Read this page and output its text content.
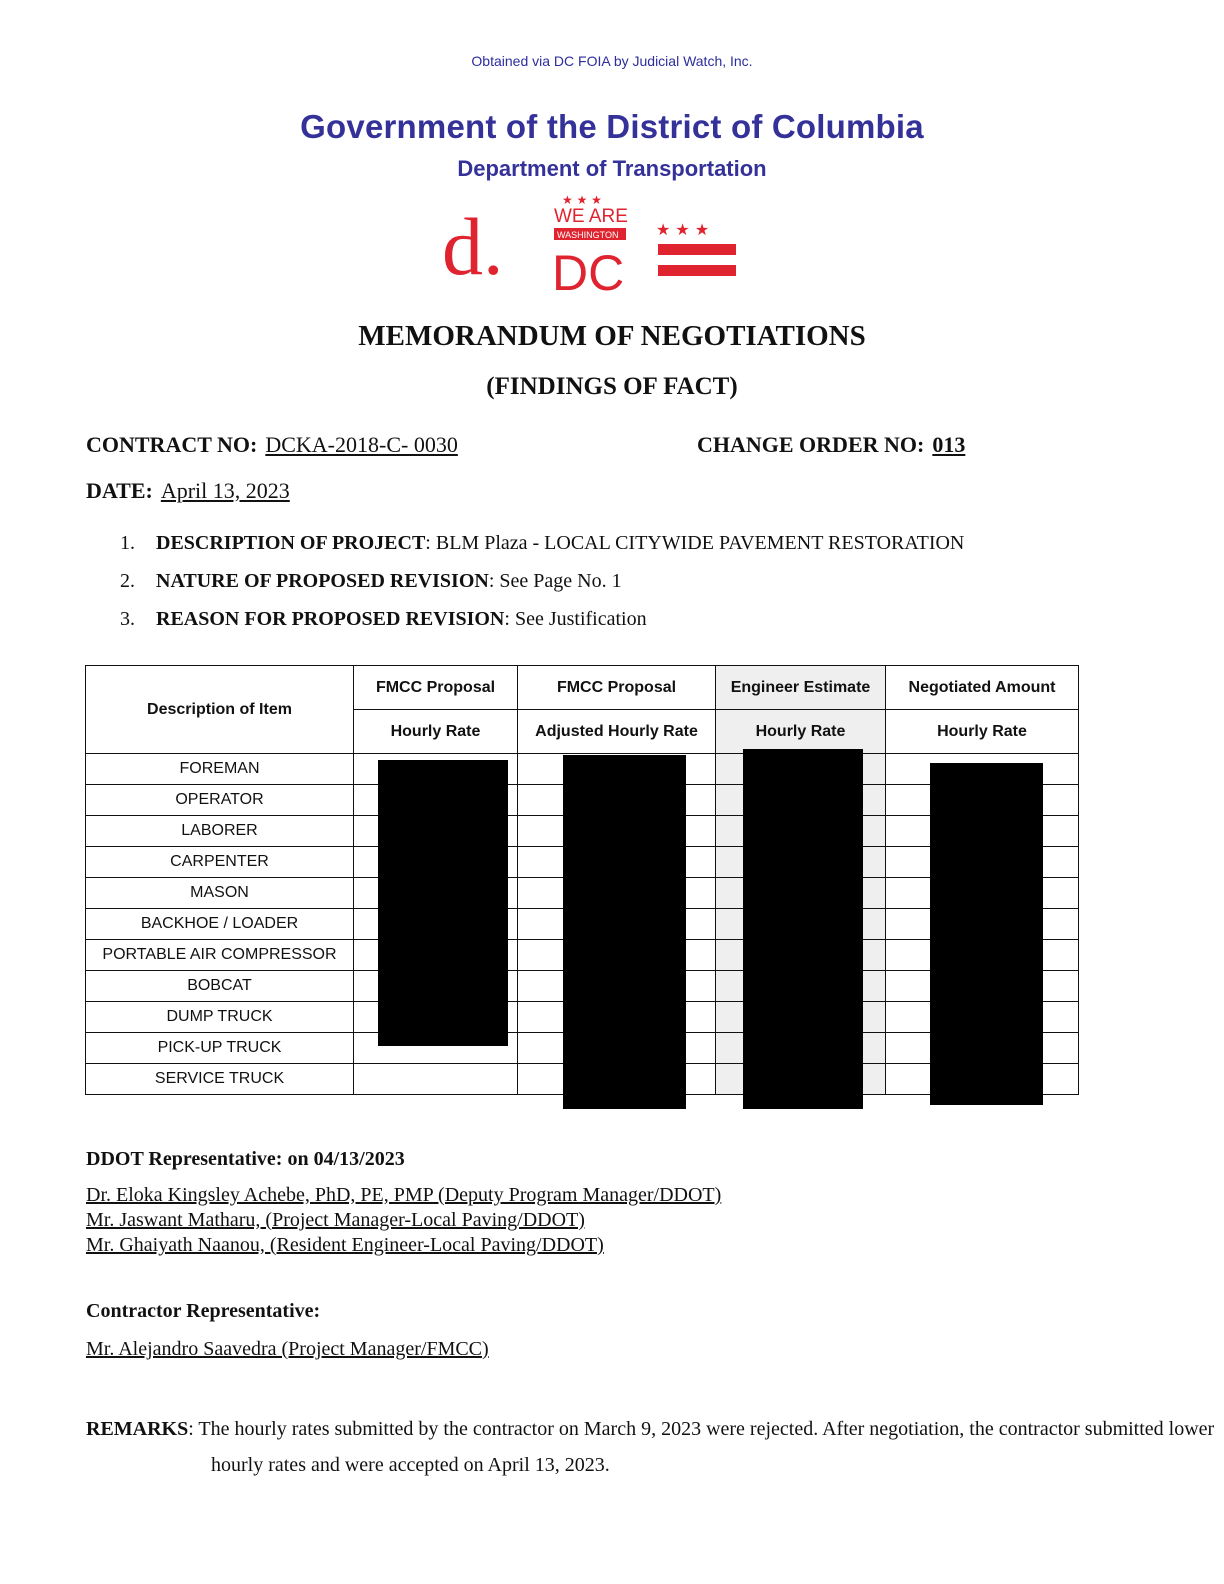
Obtained via DC FOIA by Judicial Watch, Inc.
Government of the District of Columbia
Department of Transportation
d.
★ ★ ★
WE ARE
WASHINGTON
DC
★ ★ ★
MEMORANDUM OF NEGOTIATIONS
(FINDINGS OF FACT)
CONTRACT NO: DCKA-2018-C- 0030	CHANGE ORDER NO: 013
DATE: April 13, 2023
1. DESCRIPTION OF PROJECT: BLM Plaza - LOCAL CITYWIDE PAVEMENT RESTORATION
2. NATURE OF PROPOSED REVISION: See Page No. 1
3. REASON FOR PROPOSED REVISION: See Justification
Description of Item	FMCC Proposal	FMCC Proposal	Engineer Estimate	Negotiated Amount
	Hourly Rate	Adjusted Hourly Rate	Hourly Rate	Hourly Rate
FOREMAN				
OPERATOR				
LABORER				
CARPENTER				
MASON				
BACKHOE / LOADER				
PORTABLE AIR COMPRESSOR				
BOBCAT				
DUMP TRUCK				
PICK-UP TRUCK				
SERVICE TRUCK				
DDOT Representative: on 04/13/2023
Dr. Eloka Kingsley Achebe, PhD, PE, PMP (Deputy Program Manager/DDOT)
Mr. Jaswant Matharu, (Project Manager-Local Paving/DDOT)
Mr. Ghaiyath Naanou, (Resident Engineer-Local Paving/DDOT)
Contractor Representative:
Mr. Alejandro Saavedra (Project Manager/FMCC)
REMARKS: The hourly rates submitted by the contractor on March 9, 2023 were rejected. After negotiation, the contractor submitted lower hourly rates and were accepted on April 13, 2023.
